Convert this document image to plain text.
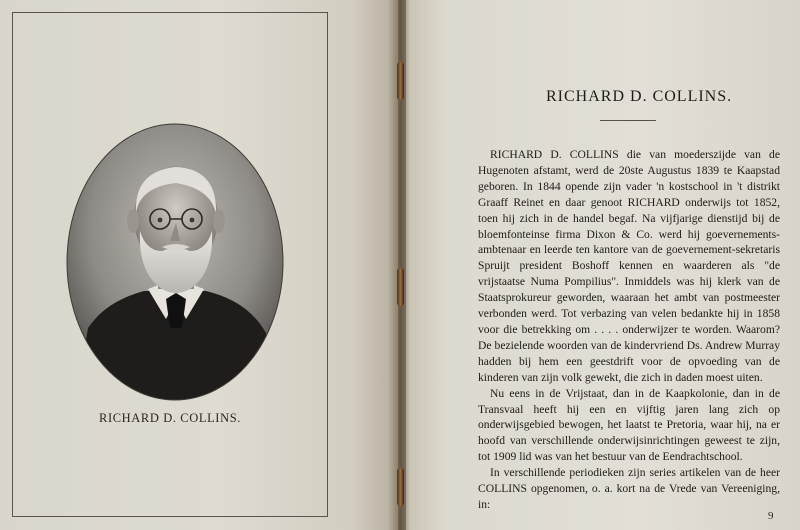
RICHARD D. COLLINS.
RICHARD D. COLLINS.

RICHARD D. COLLINS die van moederszijde van de Hugenoten afstamt, werd de 20ste Augustus 1839 te Kaapstad geboren. In 1844 opende zijn vader 'n kostschool in 't distrikt Graaff Reinet en daar genoot RICHARD onderwijs tot 1852, toen hij zich in de handel begaf. Na vijfjarige dienstijd bij de bloemfonteinse firma Dixon & Co. werd hij goevernements-ambtenaar en leerde ten kantore van de goevernement-sekretaris Spruijt president Boshoff kennen en waarderen als "de vrijstaatse Numa Pompilius". Inmiddels was hij klerk van de Staatsprokureur geworden, waaraan het ambt van postmeester verbonden werd. Tot verbazing van velen bedankte hij in 1858 voor die betrekking om . . . . onderwijzer te worden. Waarom? De bezielende woorden van de kindervriend Ds. Andrew Murray hadden bij hem een geestdrift voor de opvoeding van de kinderen van zijn volk gewekt, die zich in daden moest uiten.

Nu eens in de Vrijstaat, dan in de Kaapkolonie, dan in de Transvaal heeft hij een en vijftig jaren lang zich op onderwijsgebied bewogen, het laatst te Pretoria, waar hij, na er hoofd van verschillende onderwijsinrichtingen geweest te zijn, tot 1909 lid was van het bestuur van de Eendrachtschool.

In verschillende periodieken zijn series artikelen van de heer COLLINS opgenomen, o. a. kort na de Vrede van Vereeniging, in:

9
